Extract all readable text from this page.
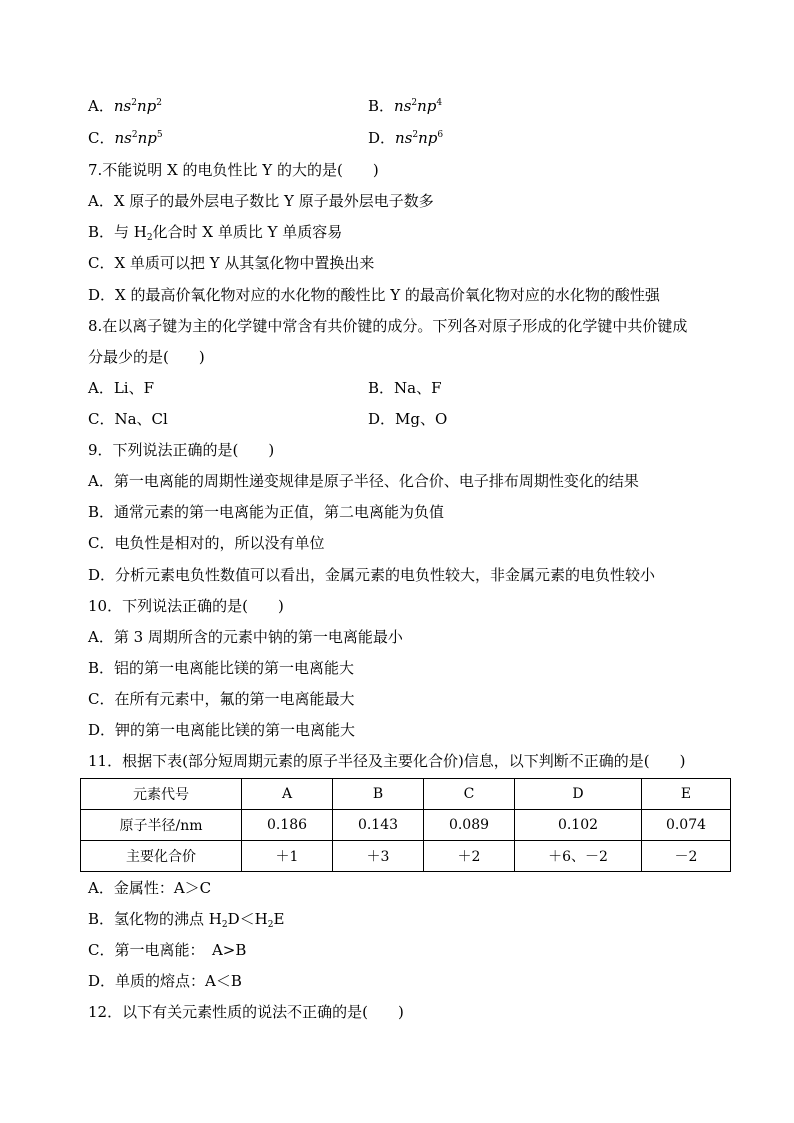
A．$ns^2np^2$	B．$ns^2np^4$
C．$ns^2np^5$	D．$ns^2np^6$
7.不能说明 X 的电负性比 Y 的大的是(　　)
A．X 原子的最外层电子数比 Y 原子最外层电子数多
B．与 $H_2$化合时 X 单质比 Y 单质容易
C．X 单质可以把 Y 从其氢化物中置换出来
D．X 的最高价氧化物对应的水化物的酸性比 Y 的最高价氧化物对应的水化物的酸性强
8.在以离子键为主的化学键中常含有共价键的成分。下列各对原子形成的化学键中共价键成
分最少的是(　　)
A．Li、F	B．Na、F
C．Na、Cl	D．Mg、O
9．下列说法正确的是(　　)
A．第一电离能的周期性递变规律是原子半径、化合价、电子排布周期性变化的结果
B．通常元素的第一电离能为正值，第二电离能为负值
C．电负性是相对的，所以没有单位
D．分析元素电负性数值可以看出，金属元素的电负性较大，非金属元素的电负性较小
10．下列说法正确的是(　　)
A．第 3 周期所含的元素中钠的第一电离能最小
B．铝的第一电离能比镁的第一电离能大
C．在所有元素中，氟的第一电离能最大
D．钾的第一电离能比镁的第一电离能大
11．根据下表(部分短周期元素的原子半径及主要化合价)信息，以下判断不正确的是(　　)
元素代号	A	B	C	D	E
原子半径/nm	0.186	0.143	0.089	0.102	0.074
主要化合价	＋1	＋3	＋2	＋6、－2	－2
A．金属性：A＞C
B．氢化物的沸点 $H_2D<H_2E$
C．第一电离能：　A>B
D．单质的熔点：A＜B
12．以下有关元素性质的说法不正确的是(　　)
